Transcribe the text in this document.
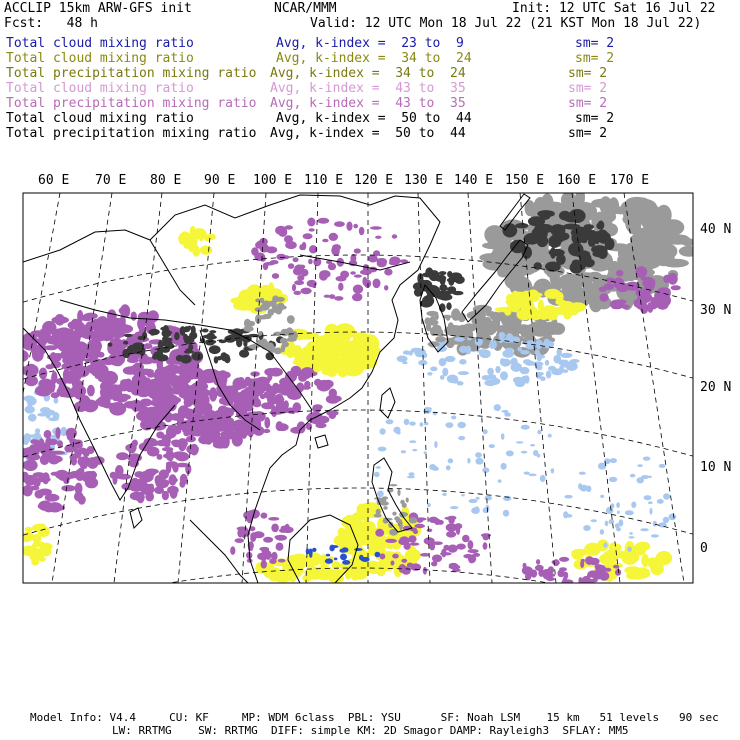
ACCLIP 15km ARW-GFS init	NCAR/MMM	Init: 12 UTC Sat 16 Jul 22
Fcst:   48 h	Valid: 12 UTC Mon 18 Jul 22 (21 KST Mon 18 Jul 22)
Total cloud mixing ratio	Avg, k-index =  23 to  9	sm= 2
Total cloud mixing ratio	Avg, k-index =  34 to  24	sm= 2
Total precipitation mixing ratio Avg, k-index =  34 to  24	sm= 2
Total cloud mixing ratio	Avg, k-index =  43 to  35	sm= 2
Total precipitation mixing ratio Avg, k-index =  43 to  35	sm= 2
Total cloud mixing ratio	Avg, k-index =  50 to  44	sm= 2
Total precipitation mixing ratio Avg, k-index =  50 to  44	sm= 2
60 E 70 E 80 E 90 E 100 E 110 E 120 E 130 E 140 E 150 E 160 E 170 E
40 N
30 N
20 N
10 N
0
Model Info: V4.4     CU: KF     MP: WDM 6class  PBL: YSU      SF: Noah LSM    15 km   51 levels   90 sec
LW: RRTMG    SW: RRTMG  DIFF: simple KM: 2D Smagor DAMP: Rayleigh3  SFLAY: MM5
